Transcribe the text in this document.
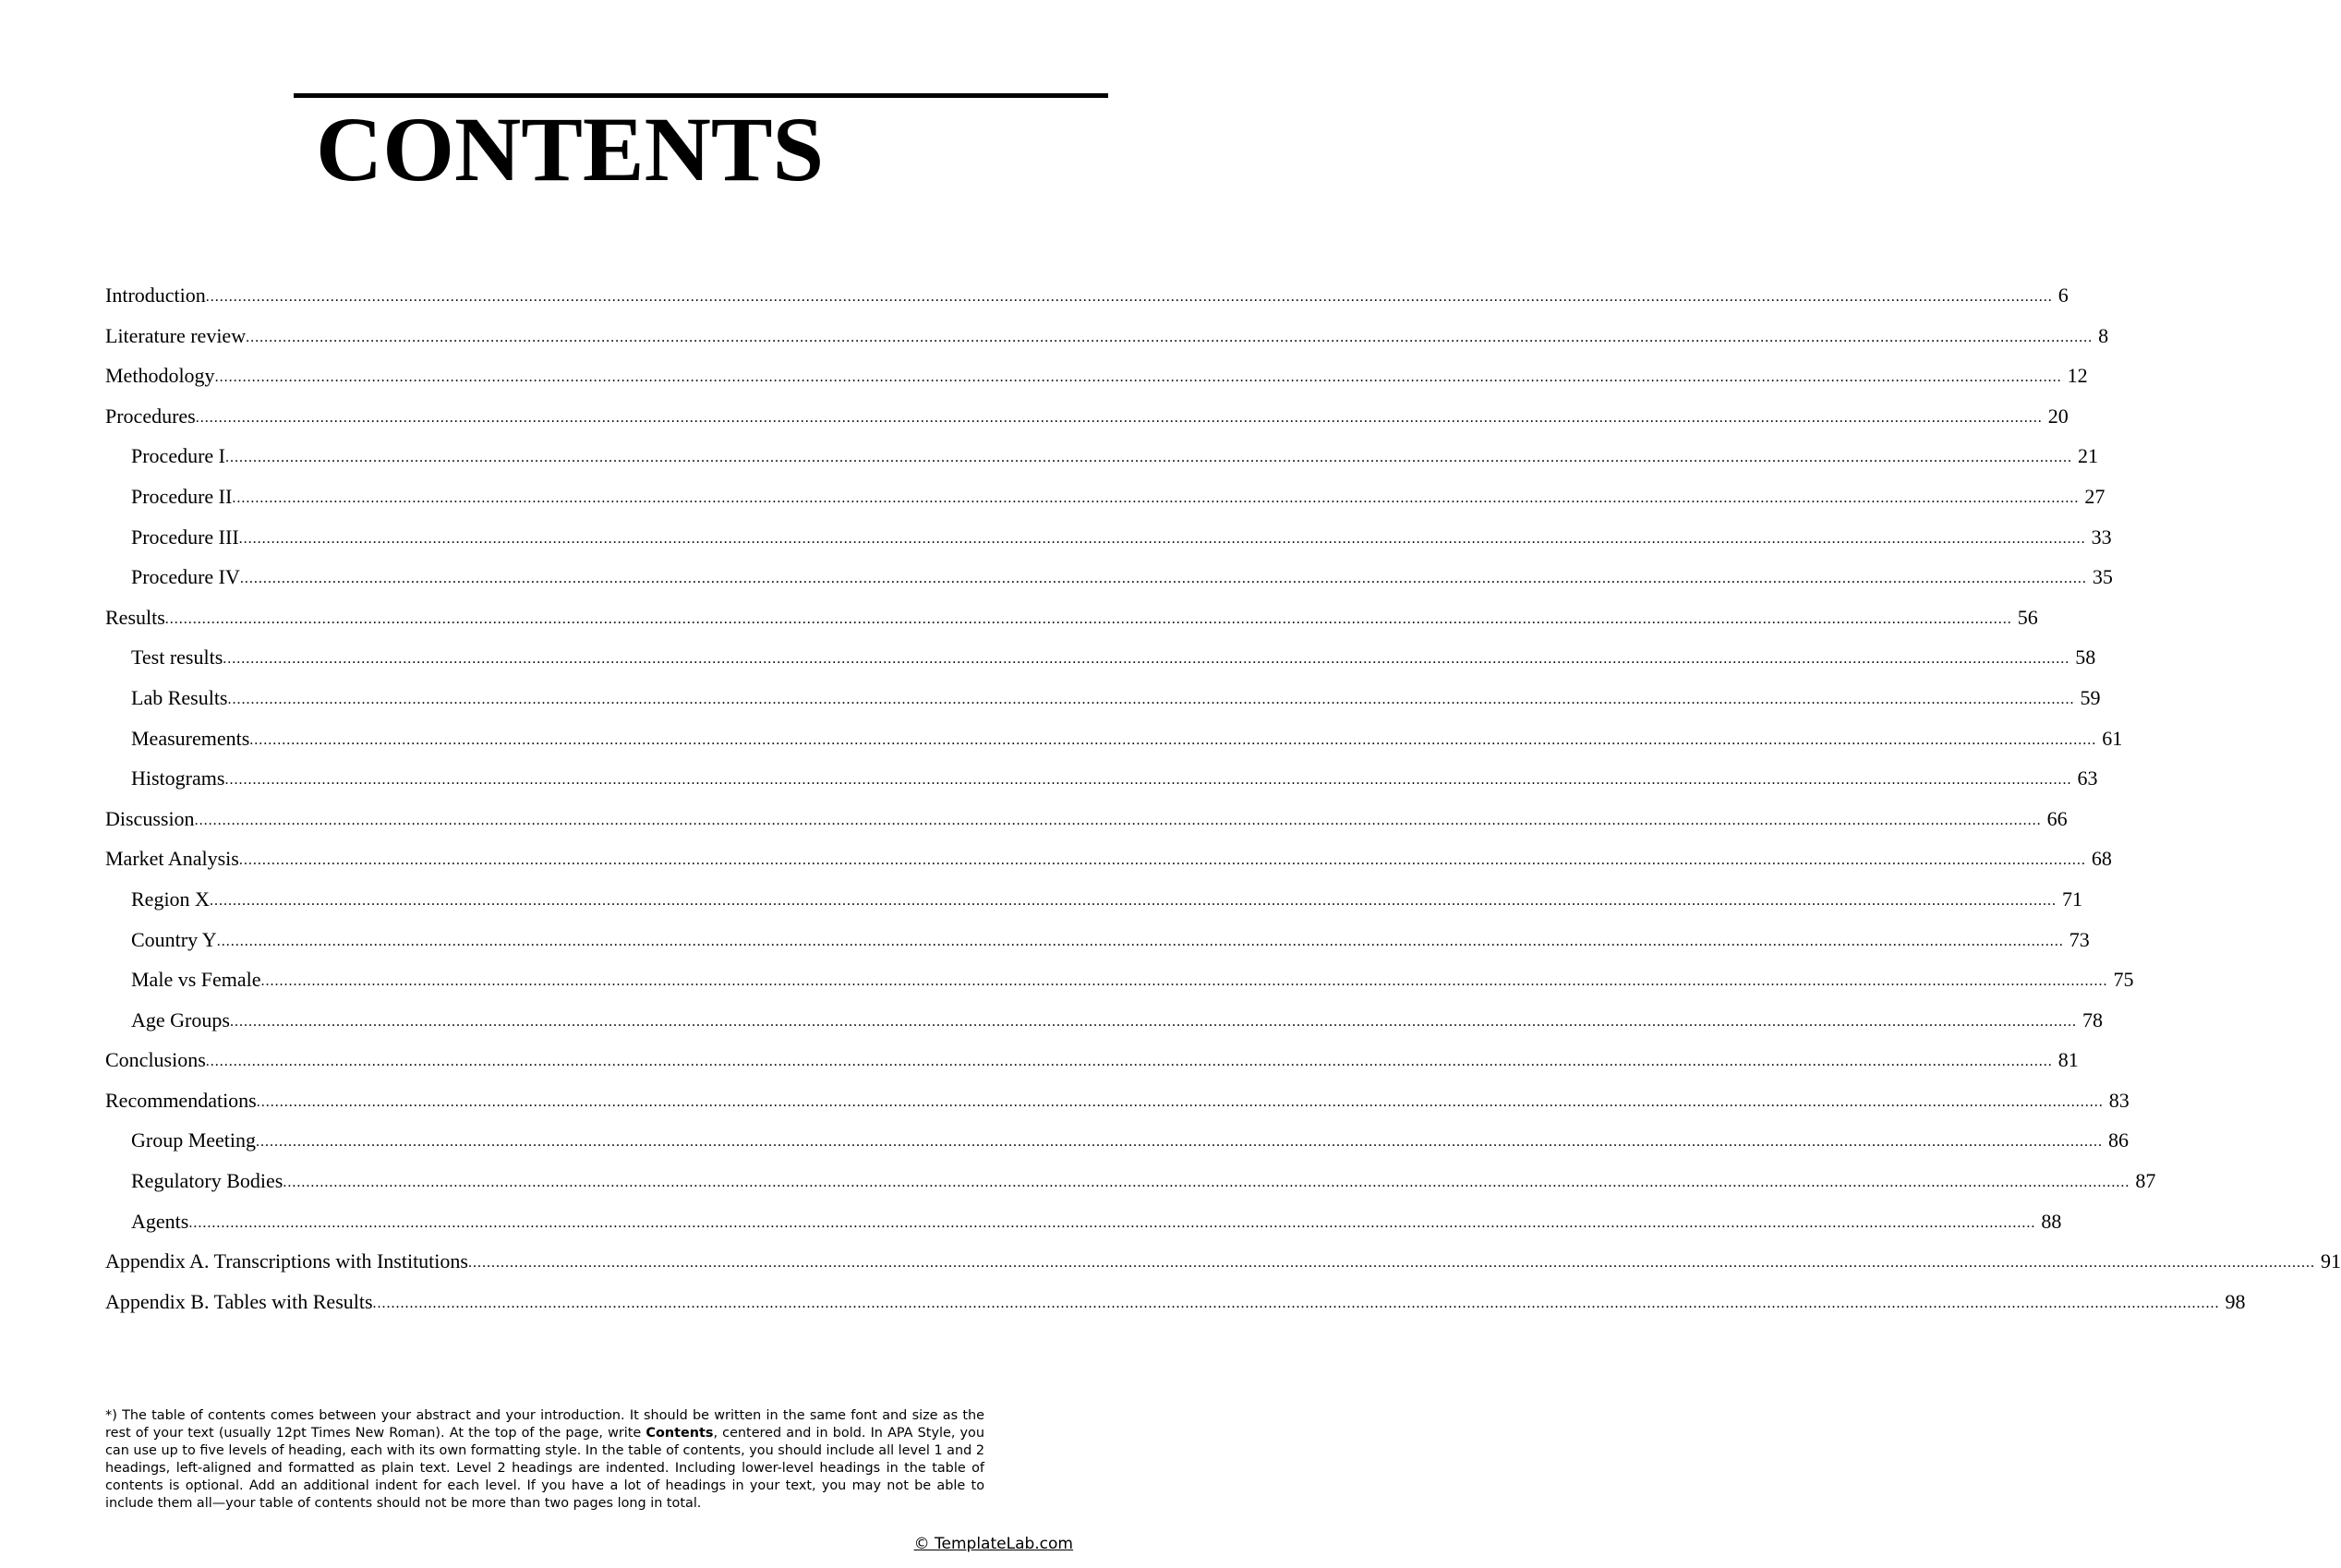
CONTENTS
Introduction ................................................................................................................................................................................................................................................................................................................................................................................................................ 6
Literature review ................................................................................................................................................................................................................................................................................................................................................................................................................ 8
Methodology ................................................................................................................................................................................................................................................................................................................................................................................................................ 12
Procedures ................................................................................................................................................................................................................................................................................................................................................................................................................ 20
Procedure I ................................................................................................................................................................................................................................................................................................................................................................................................................ 21
Procedure II ................................................................................................................................................................................................................................................................................................................................................................................................................ 27
Procedure III ................................................................................................................................................................................................................................................................................................................................................................................................................ 33
Procedure IV ................................................................................................................................................................................................................................................................................................................................................................................................................ 35
Results ................................................................................................................................................................................................................................................................................................................................................................................................................ 56
Test results ................................................................................................................................................................................................................................................................................................................................................................................................................ 58
Lab Results ................................................................................................................................................................................................................................................................................................................................................................................................................ 59
Measurements ................................................................................................................................................................................................................................................................................................................................................................................................................ 61
Histograms ................................................................................................................................................................................................................................................................................................................................................................................................................ 63
Discussion ................................................................................................................................................................................................................................................................................................................................................................................................................ 66
Market Analysis ................................................................................................................................................................................................................................................................................................................................................................................................................ 68
Region X ................................................................................................................................................................................................................................................................................................................................................................................................................ 71
Country Y ................................................................................................................................................................................................................................................................................................................................................................................................................ 73
Male vs Female ................................................................................................................................................................................................................................................................................................................................................................................................................ 75
Age Groups ................................................................................................................................................................................................................................................................................................................................................................................................................ 78
Conclusions ................................................................................................................................................................................................................................................................................................................................................................................................................ 81
Recommendations ................................................................................................................................................................................................................................................................................................................................................................................................................ 83
Group Meeting ................................................................................................................................................................................................................................................................................................................................................................................................................ 86
Regulatory Bodies ................................................................................................................................................................................................................................................................................................................................................................................................................ 87
Agents ................................................................................................................................................................................................................................................................................................................................................................................................................ 88
Appendix A. Transcriptions with Institutions ................................................................................................................................................................................................................................................................................................................................................................................................................ 91
Appendix B. Tables with Results ................................................................................................................................................................................................................................................................................................................................................................................................................ 98

*) The table of contents comes between your abstract and your introduction. It should be written in the same font and size as the rest of your text (usually 12pt Times New Roman). At the top of the page, write Contents, centered and in bold. In APA Style, you can use up to five levels of heading, each with its own formatting style. In the table of contents, you should include all level 1 and 2 headings, left-aligned and formatted as plain text. Level 2 headings are indented. Including lower-level headings in the table of contents is optional. Add an additional indent for each level. If you have a lot of headings in your text, you may not be able to include them all—your table of contents should not be more than two pages long in total.

© TemplateLab.com
